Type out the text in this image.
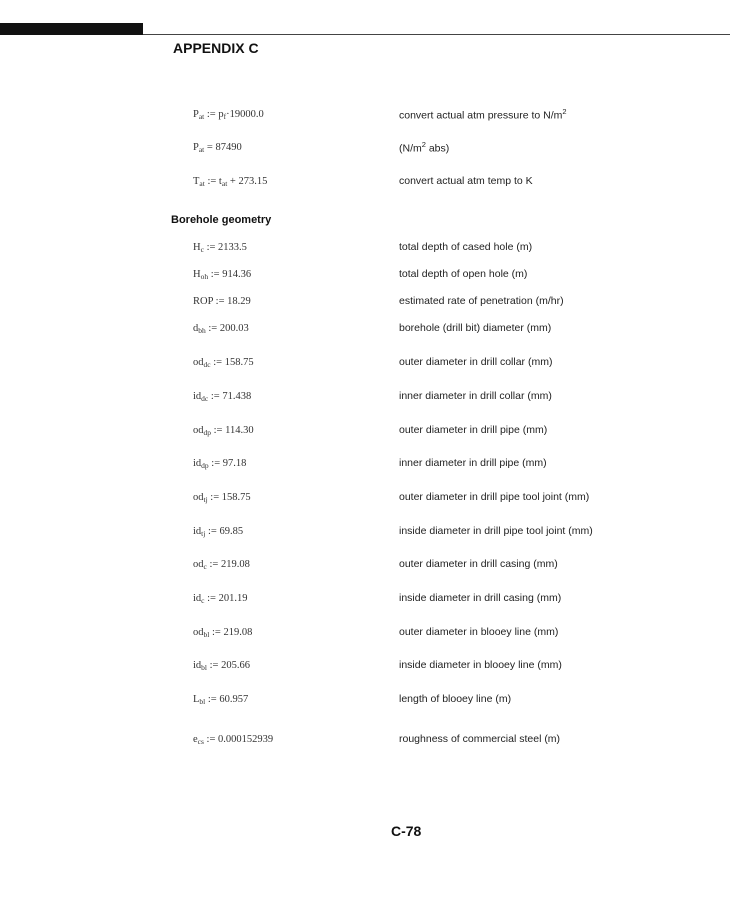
APPENDIX C
Borehole geometry
$P_{at}$ := $p_f\cdot 19000.0$	convert actual atm pressure to $N/m^2$
$P_{at} = 87490$	($N/m^2$ abs)
$T_{at}$ := $t_{at} + 273.15$	convert actual atm temp to K
$H_c$ := 2133.5	total depth of cased hole (m)
$H_{oh}$ := 914.36	total depth of open hole (m)
ROP := 18.29	estimated rate of penetration (m/hr)
$d_{bh}$ := 200.03	borehole (drill bit) diameter (mm)
$od_{dc}$ := 158.75	outer diameter in drill collar (mm)
$id_{dc}$ := 71.438	inner diameter in drill collar (mm)
$od_{dp}$ := 114.30	outer diameter in drill pipe (mm)
$id_{dp}$ := 97.18	inner diameter in drill pipe (mm)
$od_{tj}$ := 158.75	outer diameter in drill pipe tool joint (mm)
$id_{tj}$ := 69.85	inside diameter in drill pipe tool joint (mm)
$od_c$ := 219.08	outer diameter in drill casing (mm)
$id_c$ := 201.19	inside diameter in drill casing (mm)
$od_{bl}$ := 219.08	outer diameter in blooey line (mm)
$id_{bl}$ := 205.66	inside diameter in blooey line (mm)
$L_{bl}$ := 60.957	length of blooey line (m)
$e_{cs}$ := 0.000152939	roughness of commercial steel (m)
C-78
